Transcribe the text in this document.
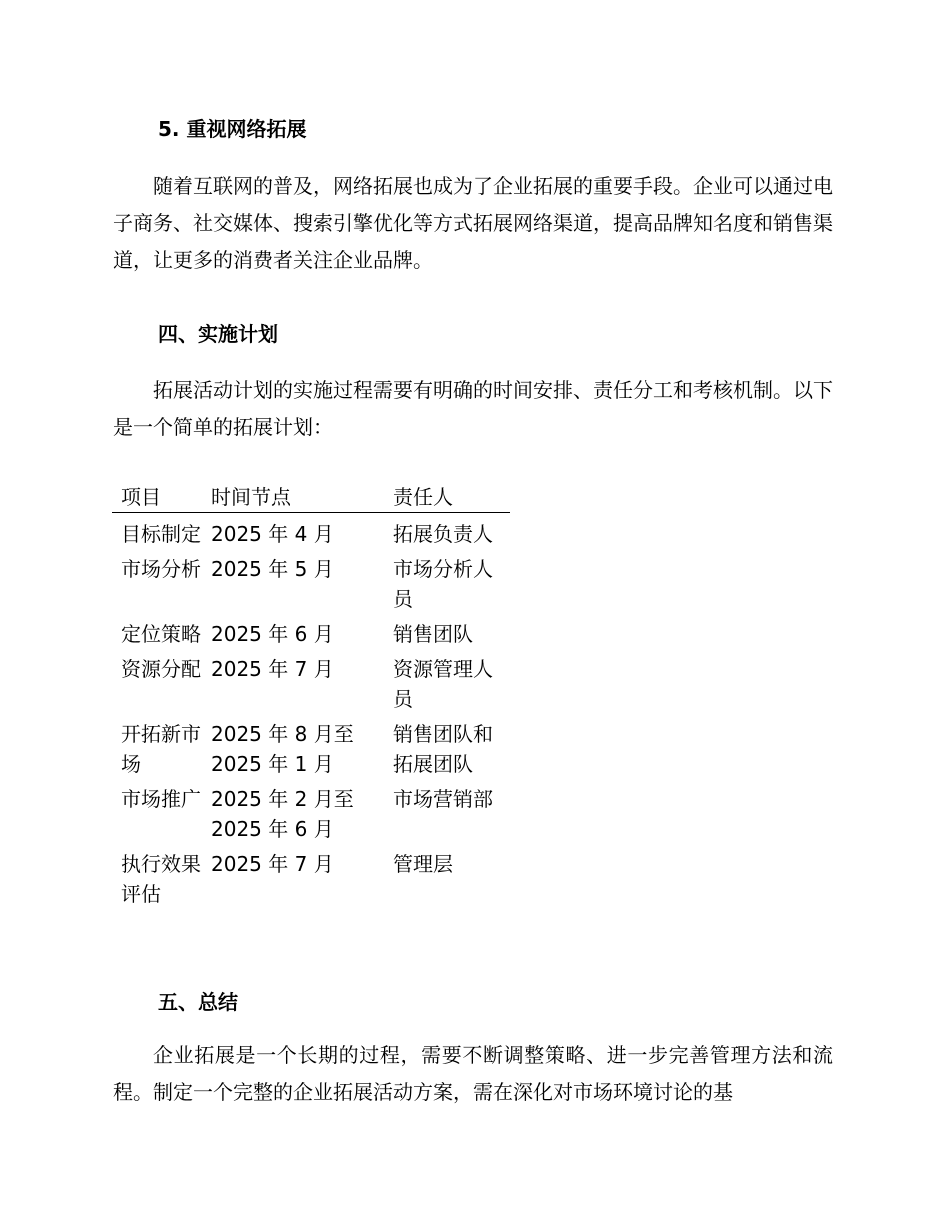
5. 重视网络拓展

随着互联网的普及，网络拓展也成为了企业拓展的重要手段。企业可以通过电子商务、社交媒体、搜索引擎优化等方式拓展网络渠道，提高品牌知名度和销售渠道，让更多的消费者关注企业品牌。

四、实施计划

拓展活动计划的实施过程需要有明确的时间安排、责任分工和考核机制。以下是一个简单的拓展计划：

项目	时间节点	责任人
目标制定	2025 年 4 月	拓展负责人
市场分析	2025 年 5 月	市场分析人员
定位策略	2025 年 6 月	销售团队
资源分配	2025 年 7 月	资源管理人员
开拓新市场	2025 年 8 月至 2025 年 1 月	销售团队和拓展团队
市场推广	2025 年 2 月至 2025 年 6 月	市场营销部
执行效果评估	2025 年 7 月	管理层
五、总结

企业拓展是一个长期的过程，需要不断调整策略、进一步完善管理方法和流程。制定一个完整的企业拓展活动方案，需在深化对市场环境讨论的基
